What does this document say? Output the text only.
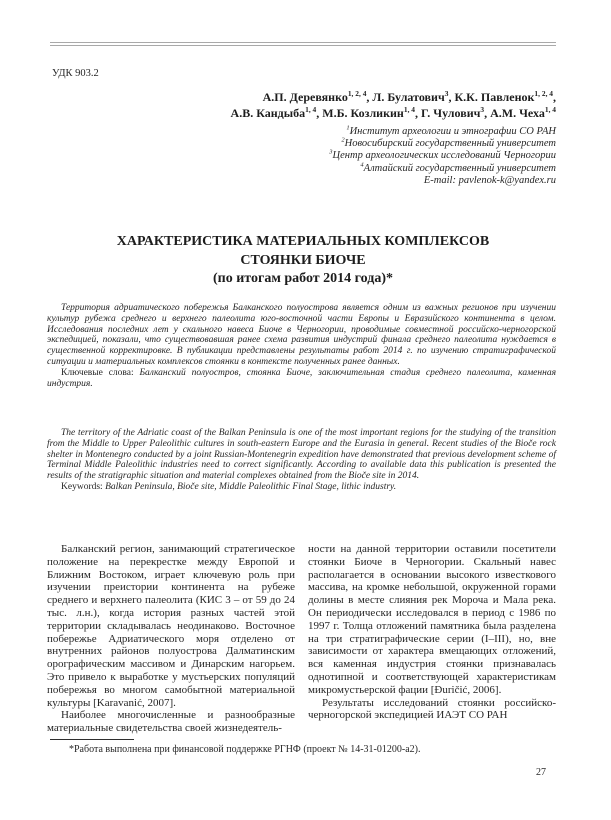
УДК 903.2
А.П. Деревянко$^{1, 2, 4}$, Л. Булатович$^3$, К.К. Павленок$^{1, 2, 4}$,
А.В. Кандыба$^{1, 4}$, М.Б. Козликин$^{1, 4}$, Г. Чулович$^3$, А.М. Чеха$^{1, 4}$
$^1$Институт археологии и этнографии СО РАН
$^2$Новосибирский государственный университет
$^3$Центр археологических исследований Черногории
$^4$Алтайский государственный университет
E-mail: pavlenok-k@yandex.ru
ХАРАКТЕРИСТИКА МАТЕРИАЛЬНЫХ КОМПЛЕКСОВ
СТОЯНКИ БИОЧЕ
(по итогам работ 2014 года)*

Территория адриатического побережья Балканского полуострова является одним из важных регионов при изучении культур рубежа среднего и верхнего палеолита юго-восточной части Европы и Евразийского континента в целом. Исследования последних лет у скального навеса Биоче в Черногории, проводимые совместной российско-черногорской экспедицией, показали, что существовавшая ранее схема развития индустрий финала среднего палеолита нуждается в существенной корректировке. В публикации представлены результаты работ 2014 г. по изучению стратиграфической ситуации и материальных комплексов стоянки в контексте полученных ранее данных.

Ключевые слова: Балканский полуостров, стоянка Биоче, заключительная стадия среднего палеолита, каменная индустрия.

The territory of the Adriatic coast of the Balkan Peninsula is one of the most important regions for the studying of the transition from the Middle to Upper Paleolithic cultures in south-eastern Europe and the Eurasia in general. Recent studies of the Bioče rock shelter in Montenegro conducted by a joint Russian-Montenegrin expedition have demonstrated that previous development scheme of Terminal Middle Paleolithic industries need to correct significantly. According to available data this publication is presented the results of the stratigraphic situation and material complexes obtained from the Bioče site in 2014.

Keywords: Balkan Peninsula, Bioče site, Middle Paleolithic Final Stage, lithic industry.

Балканский регион, занимающий стратегическое положение на перекрестке между Европой и Ближним Востоком, играет ключевую роль при изучении преистории континента на рубеже среднего и верхнего палеолита (КИС 3 – от 59 до 24 тыс. л.н.), когда история разных частей этой территории складывалась неодинаково. Восточное побережье Адриатического моря отделено от внутренних районов полуострова Далматинским орографическим массивом и Динарским нагорьем. Это привело к выработке у мустьерских популяций побережья во многом самобытной материальной культуры [Karavanić, 2007].

Наиболее многочисленные и разнообразные материальные свидетельства своей жизнедеятель-

ности на данной территории оставили посетители стоянки Биоче в Черногории. Скальный навес располагается в основании высокого известкового массива, на кромке небольшой, окруженной горами долины в месте слияния рек Мороча и Мала река. Он периодически исследовался в период с 1986 по 1997 г. Толща отложений памятника была разделена на три стратиграфические серии (I–III), но, вне зависимости от характера вмещающих отложений, вся каменная индустрия стоянки признавалась однотипной и соответствующей характеристикам микромустьерской фации [Đuričić, 2006].

Результаты исследований стоянки российско-черногорской экспедицией ИАЭТ СО РАН

*Работа выполнена при финансовой поддержке РГНФ (проект № 14-31-01200-а2).
27
